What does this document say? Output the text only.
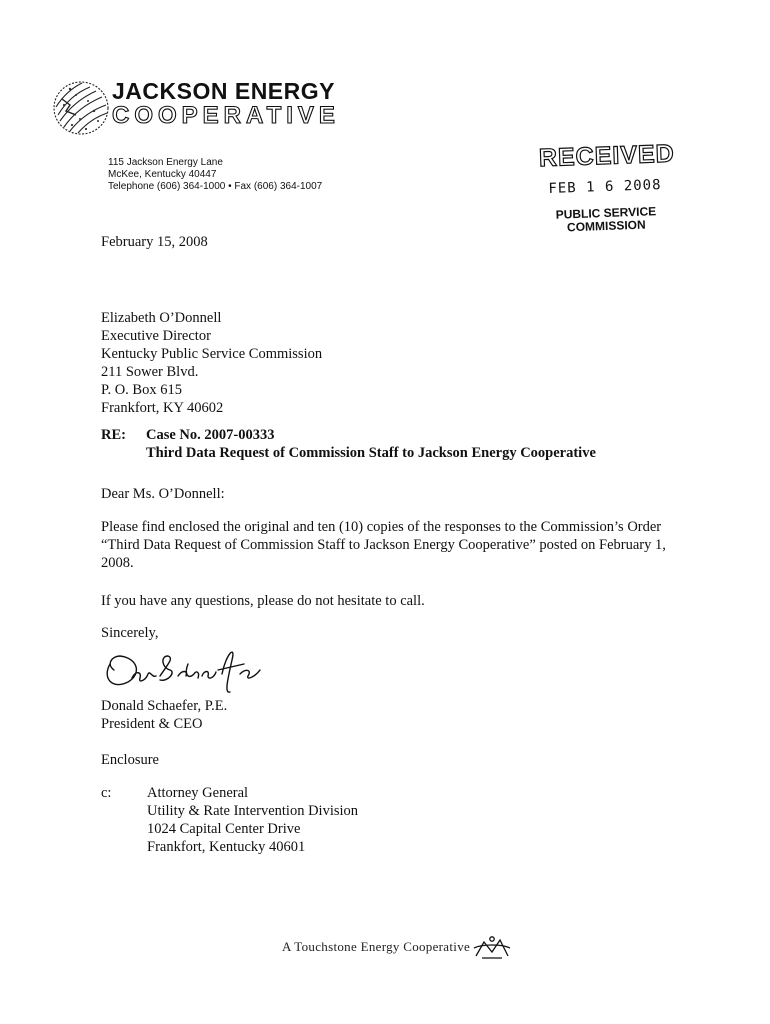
JACKSON ENERGY
COOPERATIVE
115 Jackson Energy Lane
McKee, Kentucky 40447
Telephone (606) 364-1000 • Fax (606) 364-1007
RECEIVED
FEB 1 6 2008
PUBLIC SERVICE
COMMISSION
February 15, 2008
Elizabeth O’Donnell
Executive Director
Kentucky Public Service Commission
211 Sower Blvd.
P. O. Box 615
Frankfort, KY 40602
RE: Case No. 2007-00333
Third Data Request of Commission Staff to Jackson Energy Cooperative
Dear Ms. O’Donnell:
Please find enclosed the original and ten (10) copies of the responses to the Commission’s Order
“Third Data Request of Commission Staff to Jackson Energy Cooperative” posted on February 1,
2008.
If you have any questions, please do not hesitate to call.
Sincerely,
Donald Schaefer, P.E.
President & CEO
Enclosure
c: Attorney General
Utility & Rate Intervention Division
1024 Capital Center Drive
Frankfort, Kentucky 40601
A Touchstone Energy Cooperative
